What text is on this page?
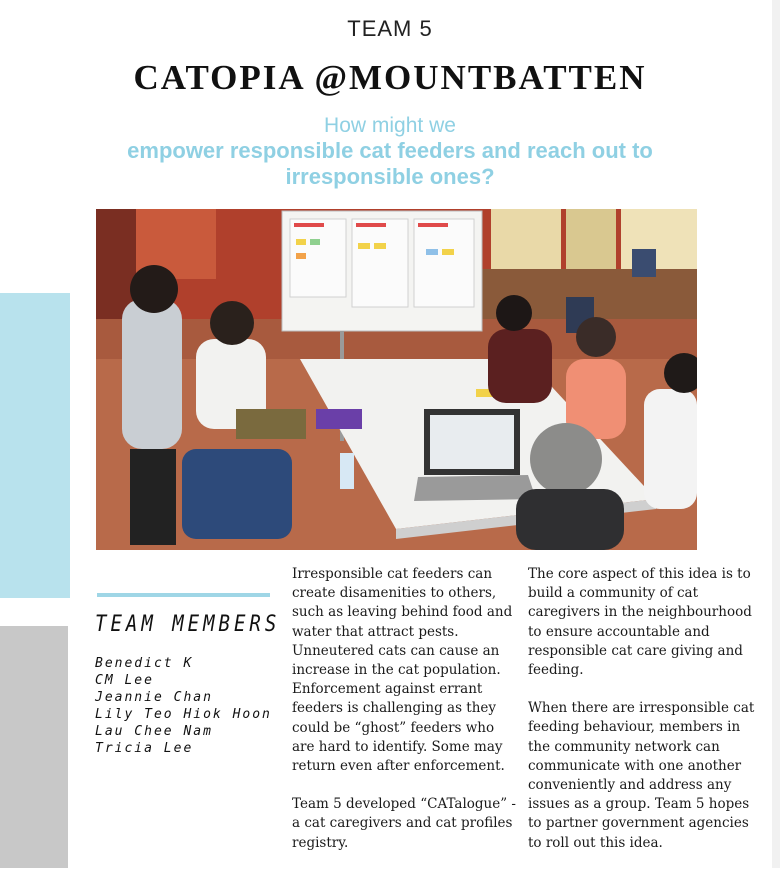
TEAM 5
CATOPIA @MOUNTBATTEN
How might we
empower responsible cat feeders and reach out to irresponsible ones?
TEAM MEMBERS
Benedict K
CM Lee
Jeannie Chan
Lily Teo Hiok Hoon
Lau Chee Nam
Tricia Lee

Irresponsible cat feeders can create disamenities to others, such as leaving behind food and water that attract pests. Unneutered cats can cause an increase in the cat population. Enforcement against errant feeders is challenging as they could be “ghost” feeders who are hard to identify. Some may return even after enforcement.

Team 5 developed “CATalogue” - a cat caregivers and cat profiles registry.

The core aspect of this idea is to build a community of cat caregivers in the neighbourhood to ensure accountable and responsible cat care giving and feeding.

When there are irresponsible cat feeding behaviour, members in the community network can communicate with one another conveniently and address any issues as a group. Team 5 hopes to partner government agencies to roll out this idea.
